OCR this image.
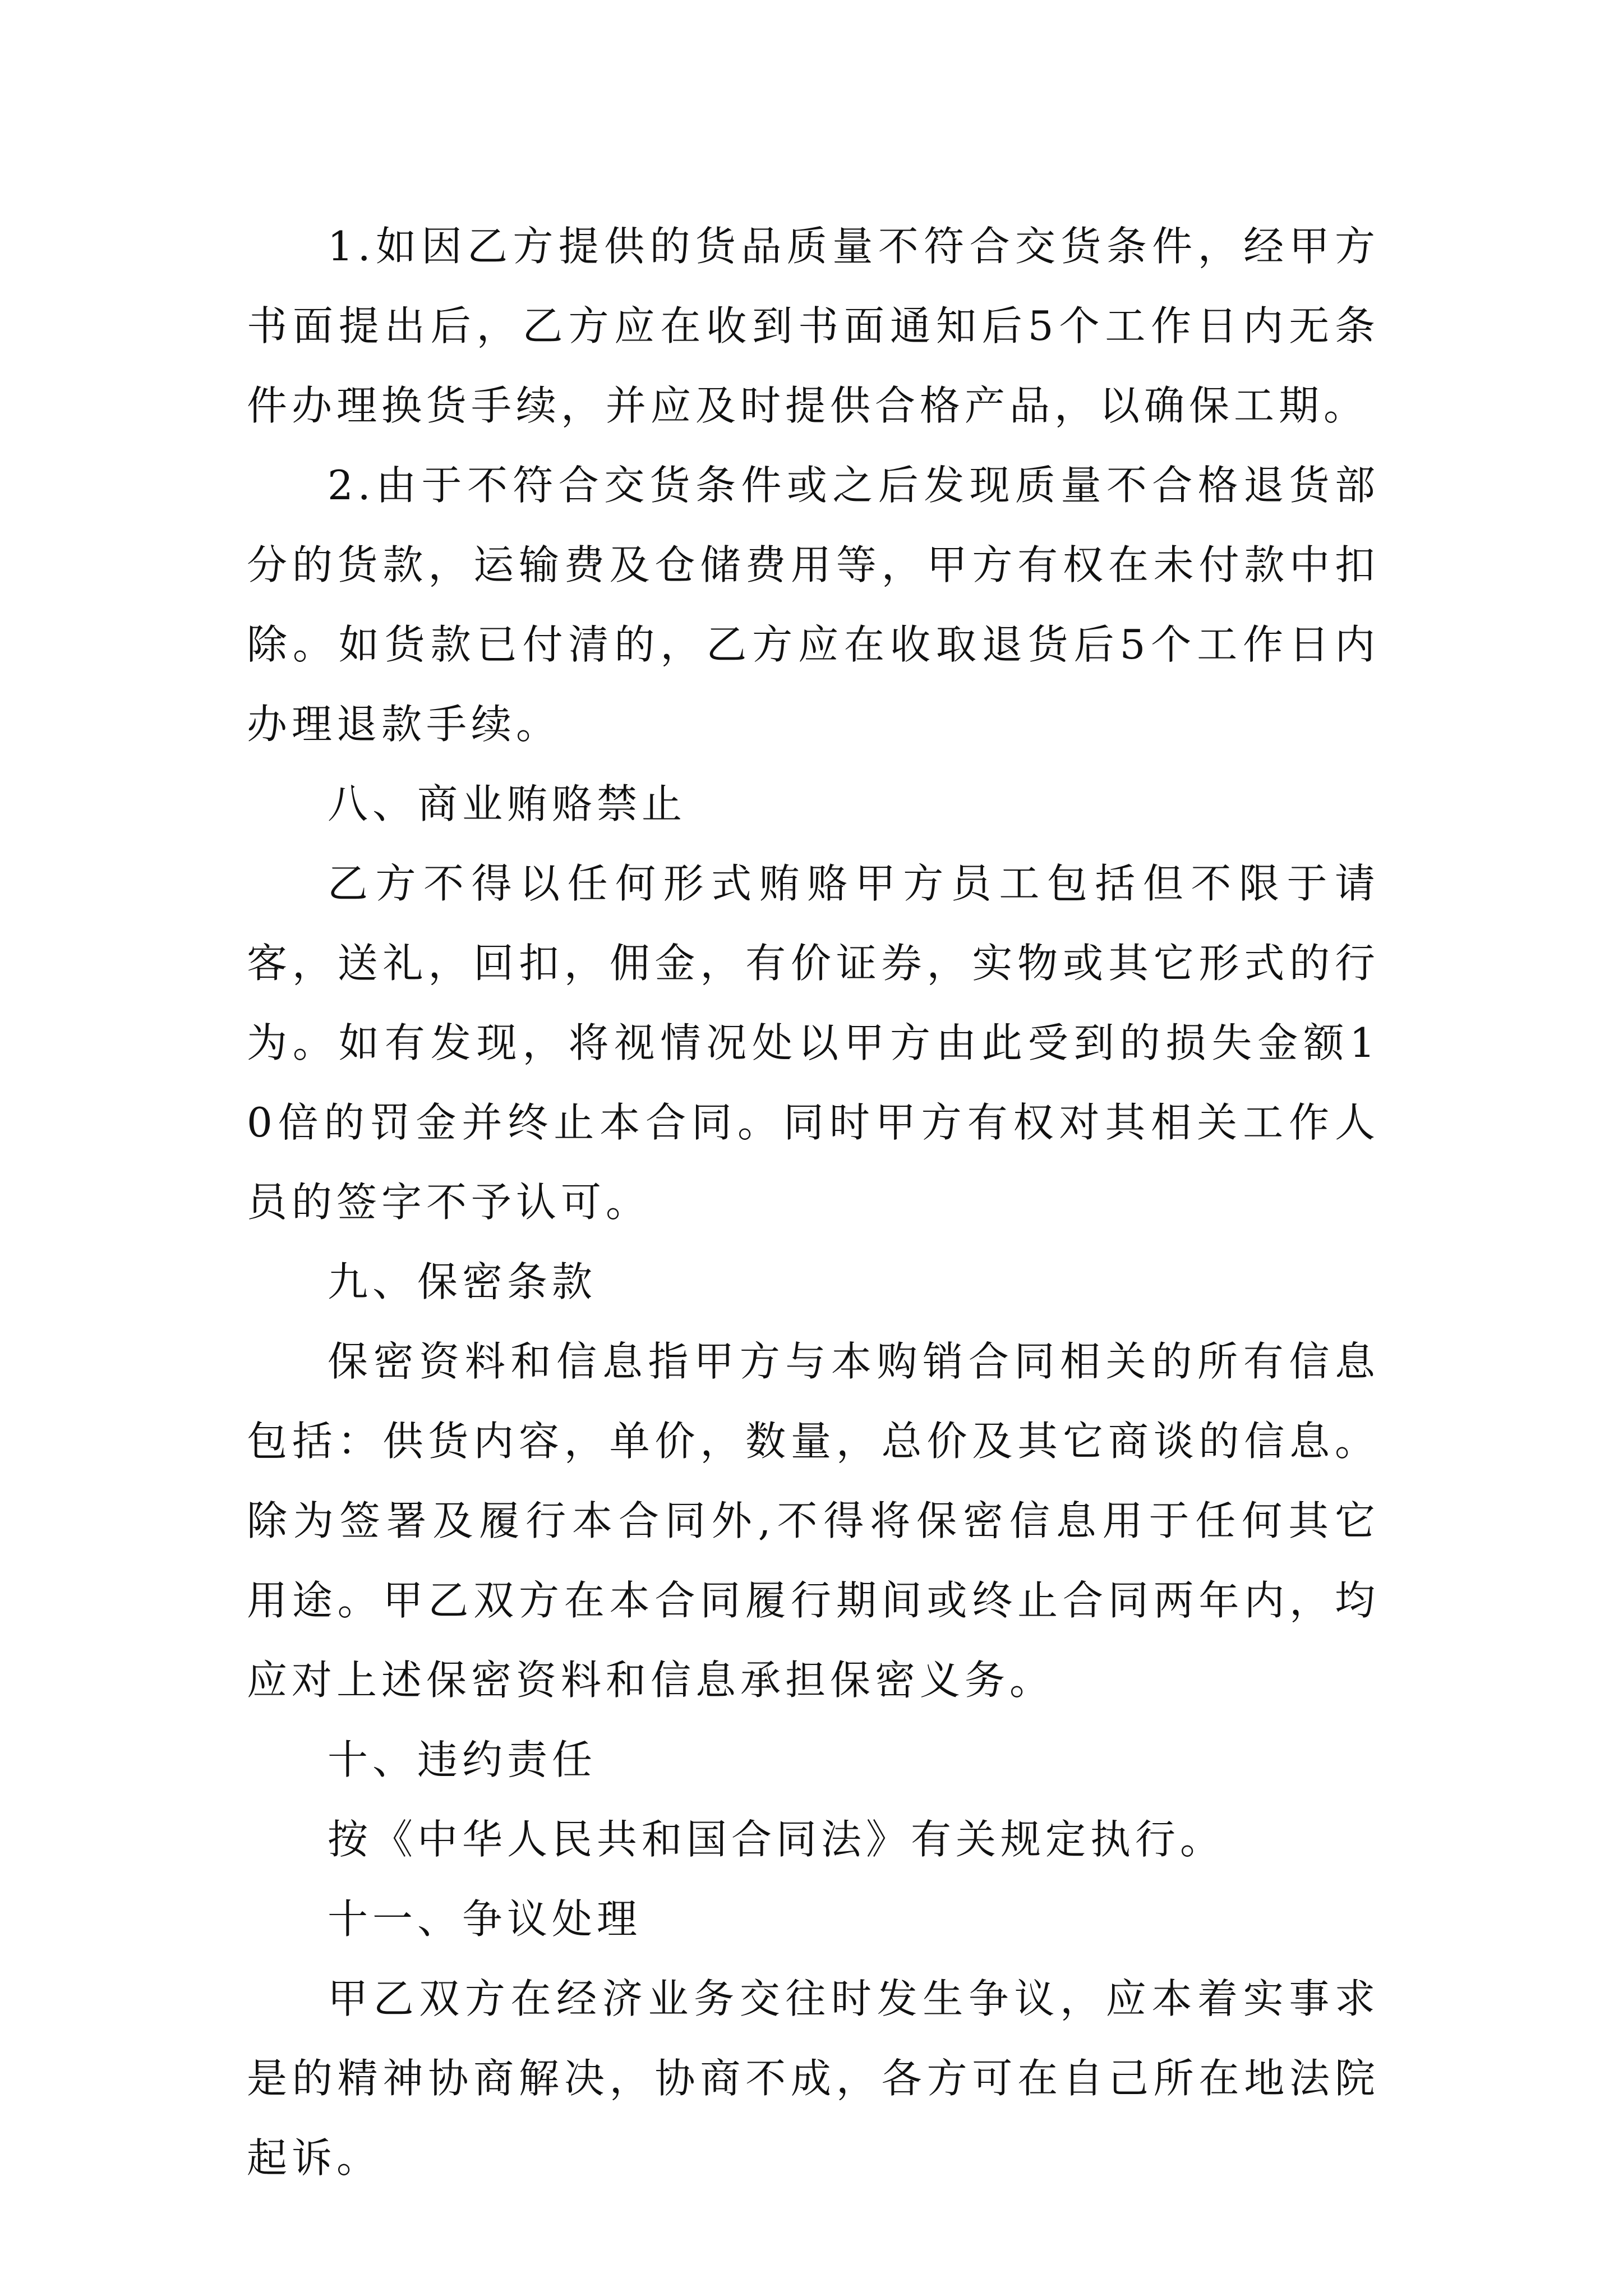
1.如因乙方提供的货品质量不符合交货条件，经甲方书面提出后，乙方应在收到书面通知后5个工作日内无条件办理换货手续，并应及时提供合格产品，以确保工期。

2.由于不符合交货条件或之后发现质量不合格退货部分的货款，运输费及仓储费用等，甲方有权在未付款中扣除。如货款已付清的，乙方应在收取退货后5个工作日内办理退款手续。

八、商业贿赂禁止

乙方不得以任何形式贿赂甲方员工包括但不限于请客，送礼，回扣，佣金，有价证券，实物或其它形式的行为。如有发现，将视情况处以甲方由此受到的损失金额10倍的罚金并终止本合同。同时甲方有权对其相关工作人员的签字不予认可。

九、保密条款

保密资料和信息指甲方与本购销合同相关的所有信息包括：供货内容，单价，数量，总价及其它商谈的信息。除为签署及履行本合同外,不得将保密信息用于任何其它用途。甲乙双方在本合同履行期间或终止合同两年内，均应对上述保密资料和信息承担保密义务。

十、违约责任

按《中华人民共和国合同法》有关规定执行。

十一、争议处理

甲乙双方在经济业务交往时发生争议，应本着实事求是的精神协商解决，协商不成，各方可在自己所在地法院起诉。
